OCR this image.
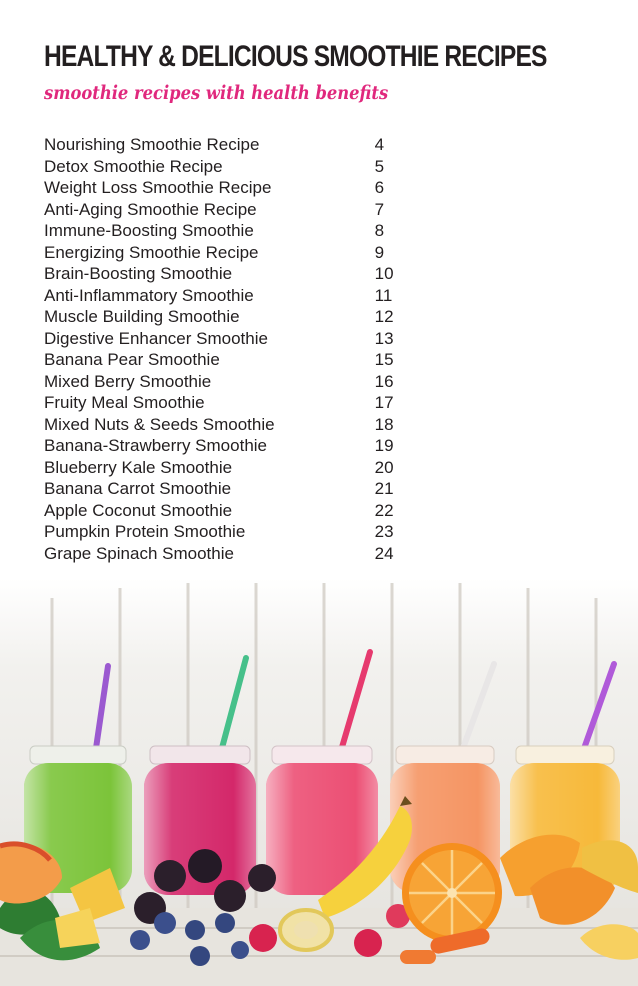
HEALTHY & DELICIOUS SMOOTHIE RECIPES
smoothie recipes with health benefits
Nourishing Smoothie Recipe	4
Detox Smoothie Recipe	5
Weight Loss Smoothie Recipe	6
Anti-Aging Smoothie Recipe	7
Immune-Boosting Smoothie	8
Energizing Smoothie Recipe	9
Brain-Boosting Smoothie	10
Anti-Inflammatory Smoothie	11
Muscle Building Smoothie	12
Digestive Enhancer Smoothie	13
Banana Pear Smoothie	15
Mixed Berry Smoothie	16
Fruity Meal Smoothie	17
Mixed Nuts & Seeds Smoothie	18
Banana-Strawberry Smoothie	19
Blueberry Kale Smoothie	20
Banana Carrot Smoothie	21
Apple Coconut Smoothie	22
Pumpkin Protein Smoothie	23
Grape Spinach Smoothie	24
